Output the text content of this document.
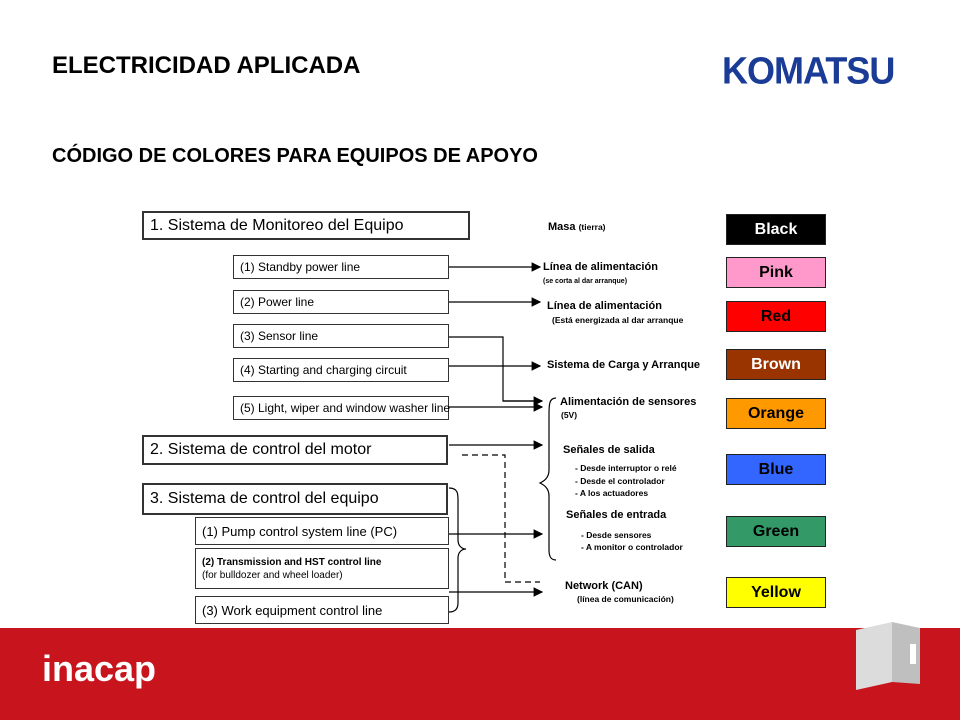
ELECTRICIDAD APLICADA	KOMATSU
CÓDIGO DE COLORES PARA EQUIPOS DE APOYO
1. Sistema de Monitoreo del Equipo
(1) Standby power line
(2) Power line
(3) Sensor line
(4) Starting and charging circuit
(5) Light, wiper and window washer line
2. Sistema de control del motor
3. Sistema de control del equipo
(1) Pump control system line (PC)
(2) Transmission and HST control line
(for bulldozer and wheel loader)
(3) Work equipment control line
Masa (tierra)
Línea de alimentación
(se corta al dar arranque)
Línea de alimentación
(Está energizada al dar arranque
Sistema de Carga y Arranque
Alimentación de sensores
(5V)
Señales de salida
- Desde interruptor o relé
- Desde el controlador
- A los actuadores
Señales de entrada
- Desde sensores
- A monitor o controlador
Network (CAN)
(línea de comunicación)
Black
Pink
Red
Brown
Orange
Blue
Green
Yellow
inacap
